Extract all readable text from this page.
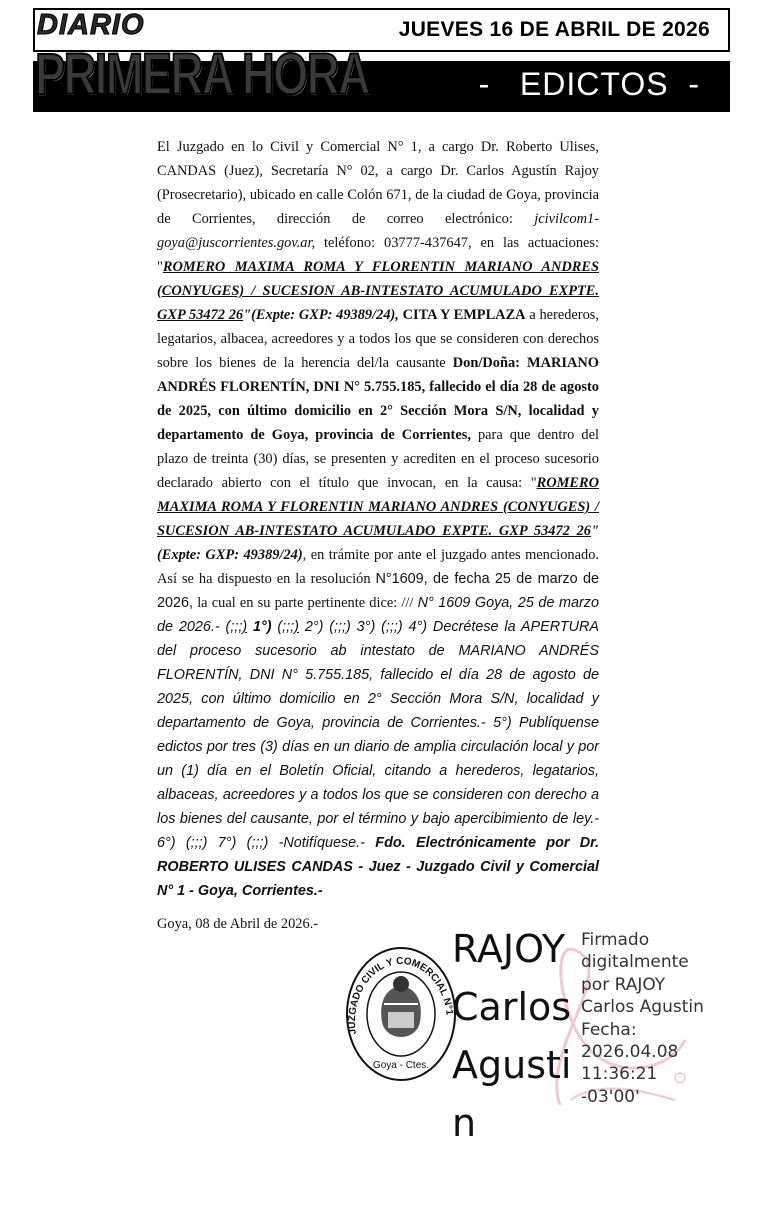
JUEVES 16 DE ABRIL DE 2026
-   EDICTOS  -
DIARIO
PRIMERA HORA

El Juzgado en lo Civil y Comercial N° 1, a cargo Dr. Roberto Ulises, CANDAS (Juez), Secretaría N° 02, a cargo Dr. Carlos Agustín Rajoy (Prosecretario), ubicado en calle Colón 671, de la ciudad de Goya, provincia de Corrientes, dirección de correo electrónico: jcivilcom1-goya@juscorrientes.gov.ar, teléfono: 03777-437647, en las actuaciones: "ROMERO MAXIMA ROMA Y FLORENTIN MARIANO ANDRES (CONYUGES) / SUCESION AB-INTESTATO ACUMULADO EXPTE. GXP 53472 26"(Expte: GXP: 49389/24), CITA Y EMPLAZA a herederos, legatarios, albacea, acreedores y a todos los que se consideren con derechos sobre los bienes de la herencia del/la causante Don/Doña: MARIANO ANDRÉS FLORENTÍN, DNI N° 5.755.185, fallecido el día 28 de agosto de 2025, con último domicilio en 2° Sección Mora S/N, localidad y departamento de Goya, provincia de Corrientes, para que dentro del plazo de treinta (30) días, se presenten y acrediten en el proceso sucesorio declarado abierto con el título que invocan, en la causa: "ROMERO MAXIMA ROMA Y FLORENTIN MARIANO ANDRES (CONYUGES) / SUCESION AB-INTESTATO ACUMULADO EXPTE. GXP 53472 26"(Expte: GXP: 49389/24), en trámite por ante el juzgado antes mencionado. Así se ha dispuesto en la resolución N°1609, de fecha 25 de marzo de 2026, la cual en su parte pertinente dice: /// N° 1609 Goya, 25 de marzo de 2026.- (;;;) 1°) (;;;) 2°) (;;;) 3°) (;;;) 4°) Decrétese la APERTURA del proceso sucesorio ab intestato de MARIANO ANDRÉS FLORENTÍN, DNI N° 5.755.185, fallecido el día 28 de agosto de 2025, con último domicilio en 2° Sección Mora S/N, localidad y departamento de Goya, provincia de Corrientes.- 5°) Publíquense edictos por tres (3) días en un diario de amplia circulación local y por un (1) día en el Boletín Oficial, citando a herederos, legatarios, albaceas, acreedores y a todos los que se consideren con derecho a los bienes del causante, por el término y bajo apercibimiento de ley.- 6°) (;;;) 7°) (;;;) -Notifíquese.- Fdo. Electrónicamente por Dr. ROBERTO ULISES CANDAS - Juez - Juzgado Civil y Comercial N° 1 - Goya, Corrientes.-

Goya, 08 de Abril de 2026.-
JUZGADO CIVIL Y COMERCIAL N°1
Goya - Ctes.
RAJOY
Carlos
Agusti
n
Firmado
digitalmente
por RAJOY
Carlos Agustin
Fecha:
2026.04.08
11:36:21
-03'00'
